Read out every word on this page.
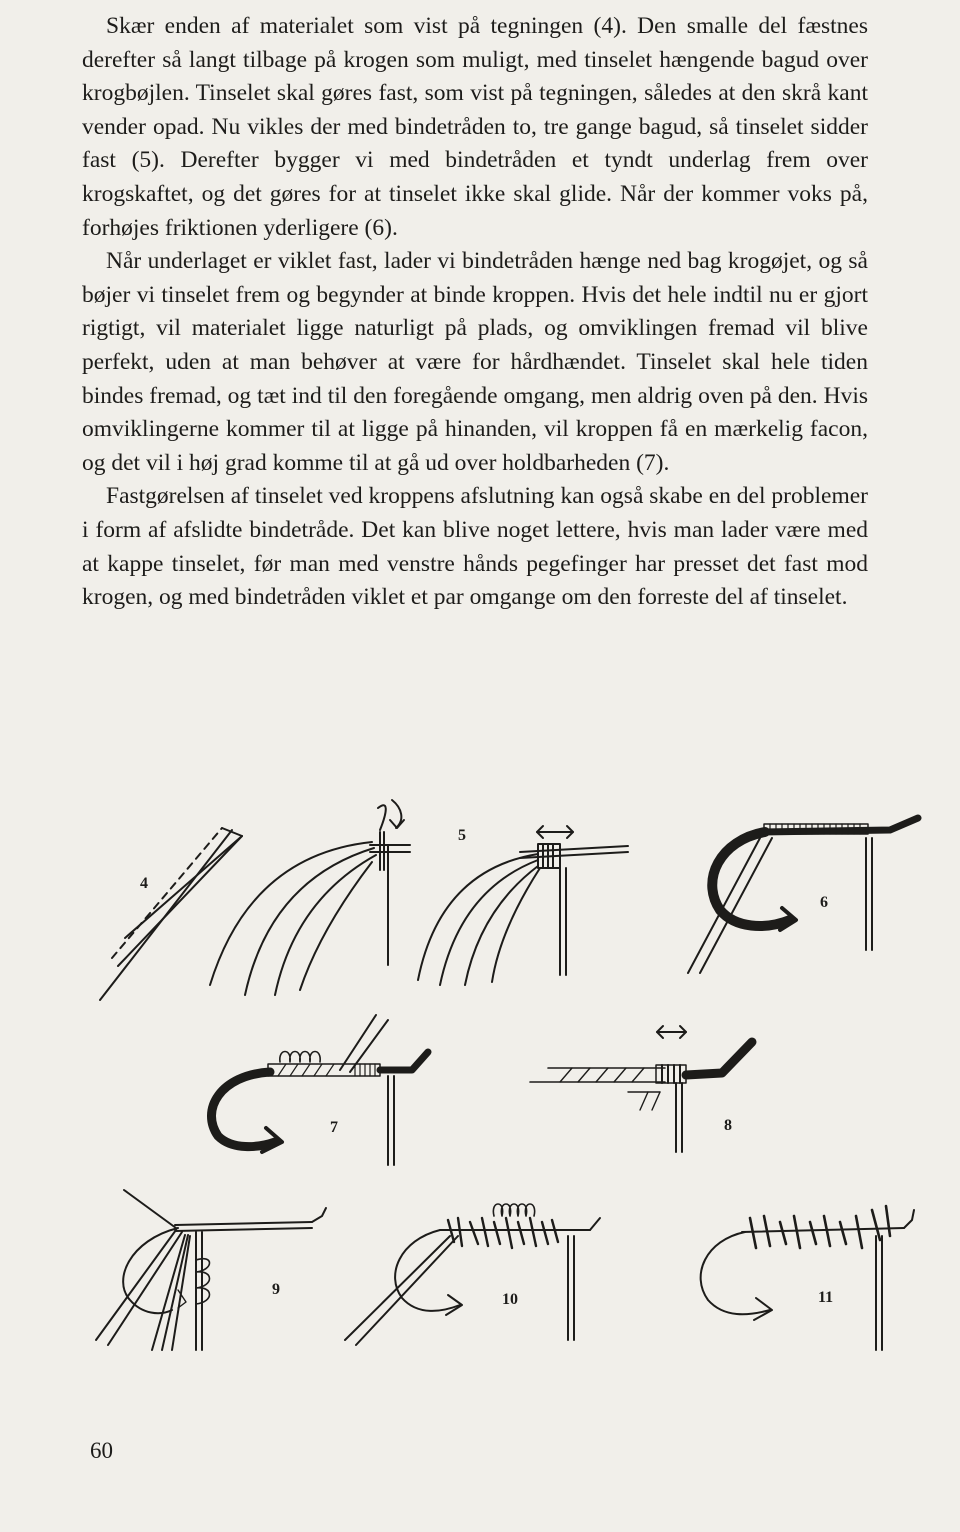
Skær enden af materialet som vist på tegningen (4). Den smalle del fæstnes derefter så langt tilbage på krogen som muligt, med tinselet hængende bagud over krogbøjlen. Tinselet skal gøres fast, som vist på tegningen, således at den skrå kant vender opad. Nu vikles der med bindetråden to, tre gange bagud, så tinselet sidder fast (5). Derefter bygger vi med bindetråden et tyndt underlag frem over krogskaftet, og det gøres for at tinselet ikke skal glide. Når der kommer voks på, forhøjes friktionen yderligere (6).

Når underlaget er viklet fast, lader vi bindetråden hænge ned bag krogøjet, og så bøjer vi tinselet frem og begynder at binde kroppen. Hvis det hele indtil nu er gjort rigtigt, vil materialet ligge naturligt på plads, og omviklingen fremad vil blive perfekt, uden at man behøver at være for hårdhændet. Tinselet skal hele tiden bindes fremad, og tæt ind til den foregående omgang, men aldrig oven på den. Hvis omviklingerne kommer til at ligge på hinanden, vil kroppen få en mærkelig facon, og det vil i høj grad komme til at gå ud over holdbarheden (7).

Fastgørelsen af tinselet ved kroppens afslutning kan også skabe en del problemer i form af afslidte bindetråde. Det kan blive noget lettere, hvis man lader være med at kappe tinselet, før man med venstre hånds pegefinger har presset det fast mod krogen, og med bindetråden viklet et par omgange om den forreste del af tinselet.

4
5
6
7	8
9
10	11
60
